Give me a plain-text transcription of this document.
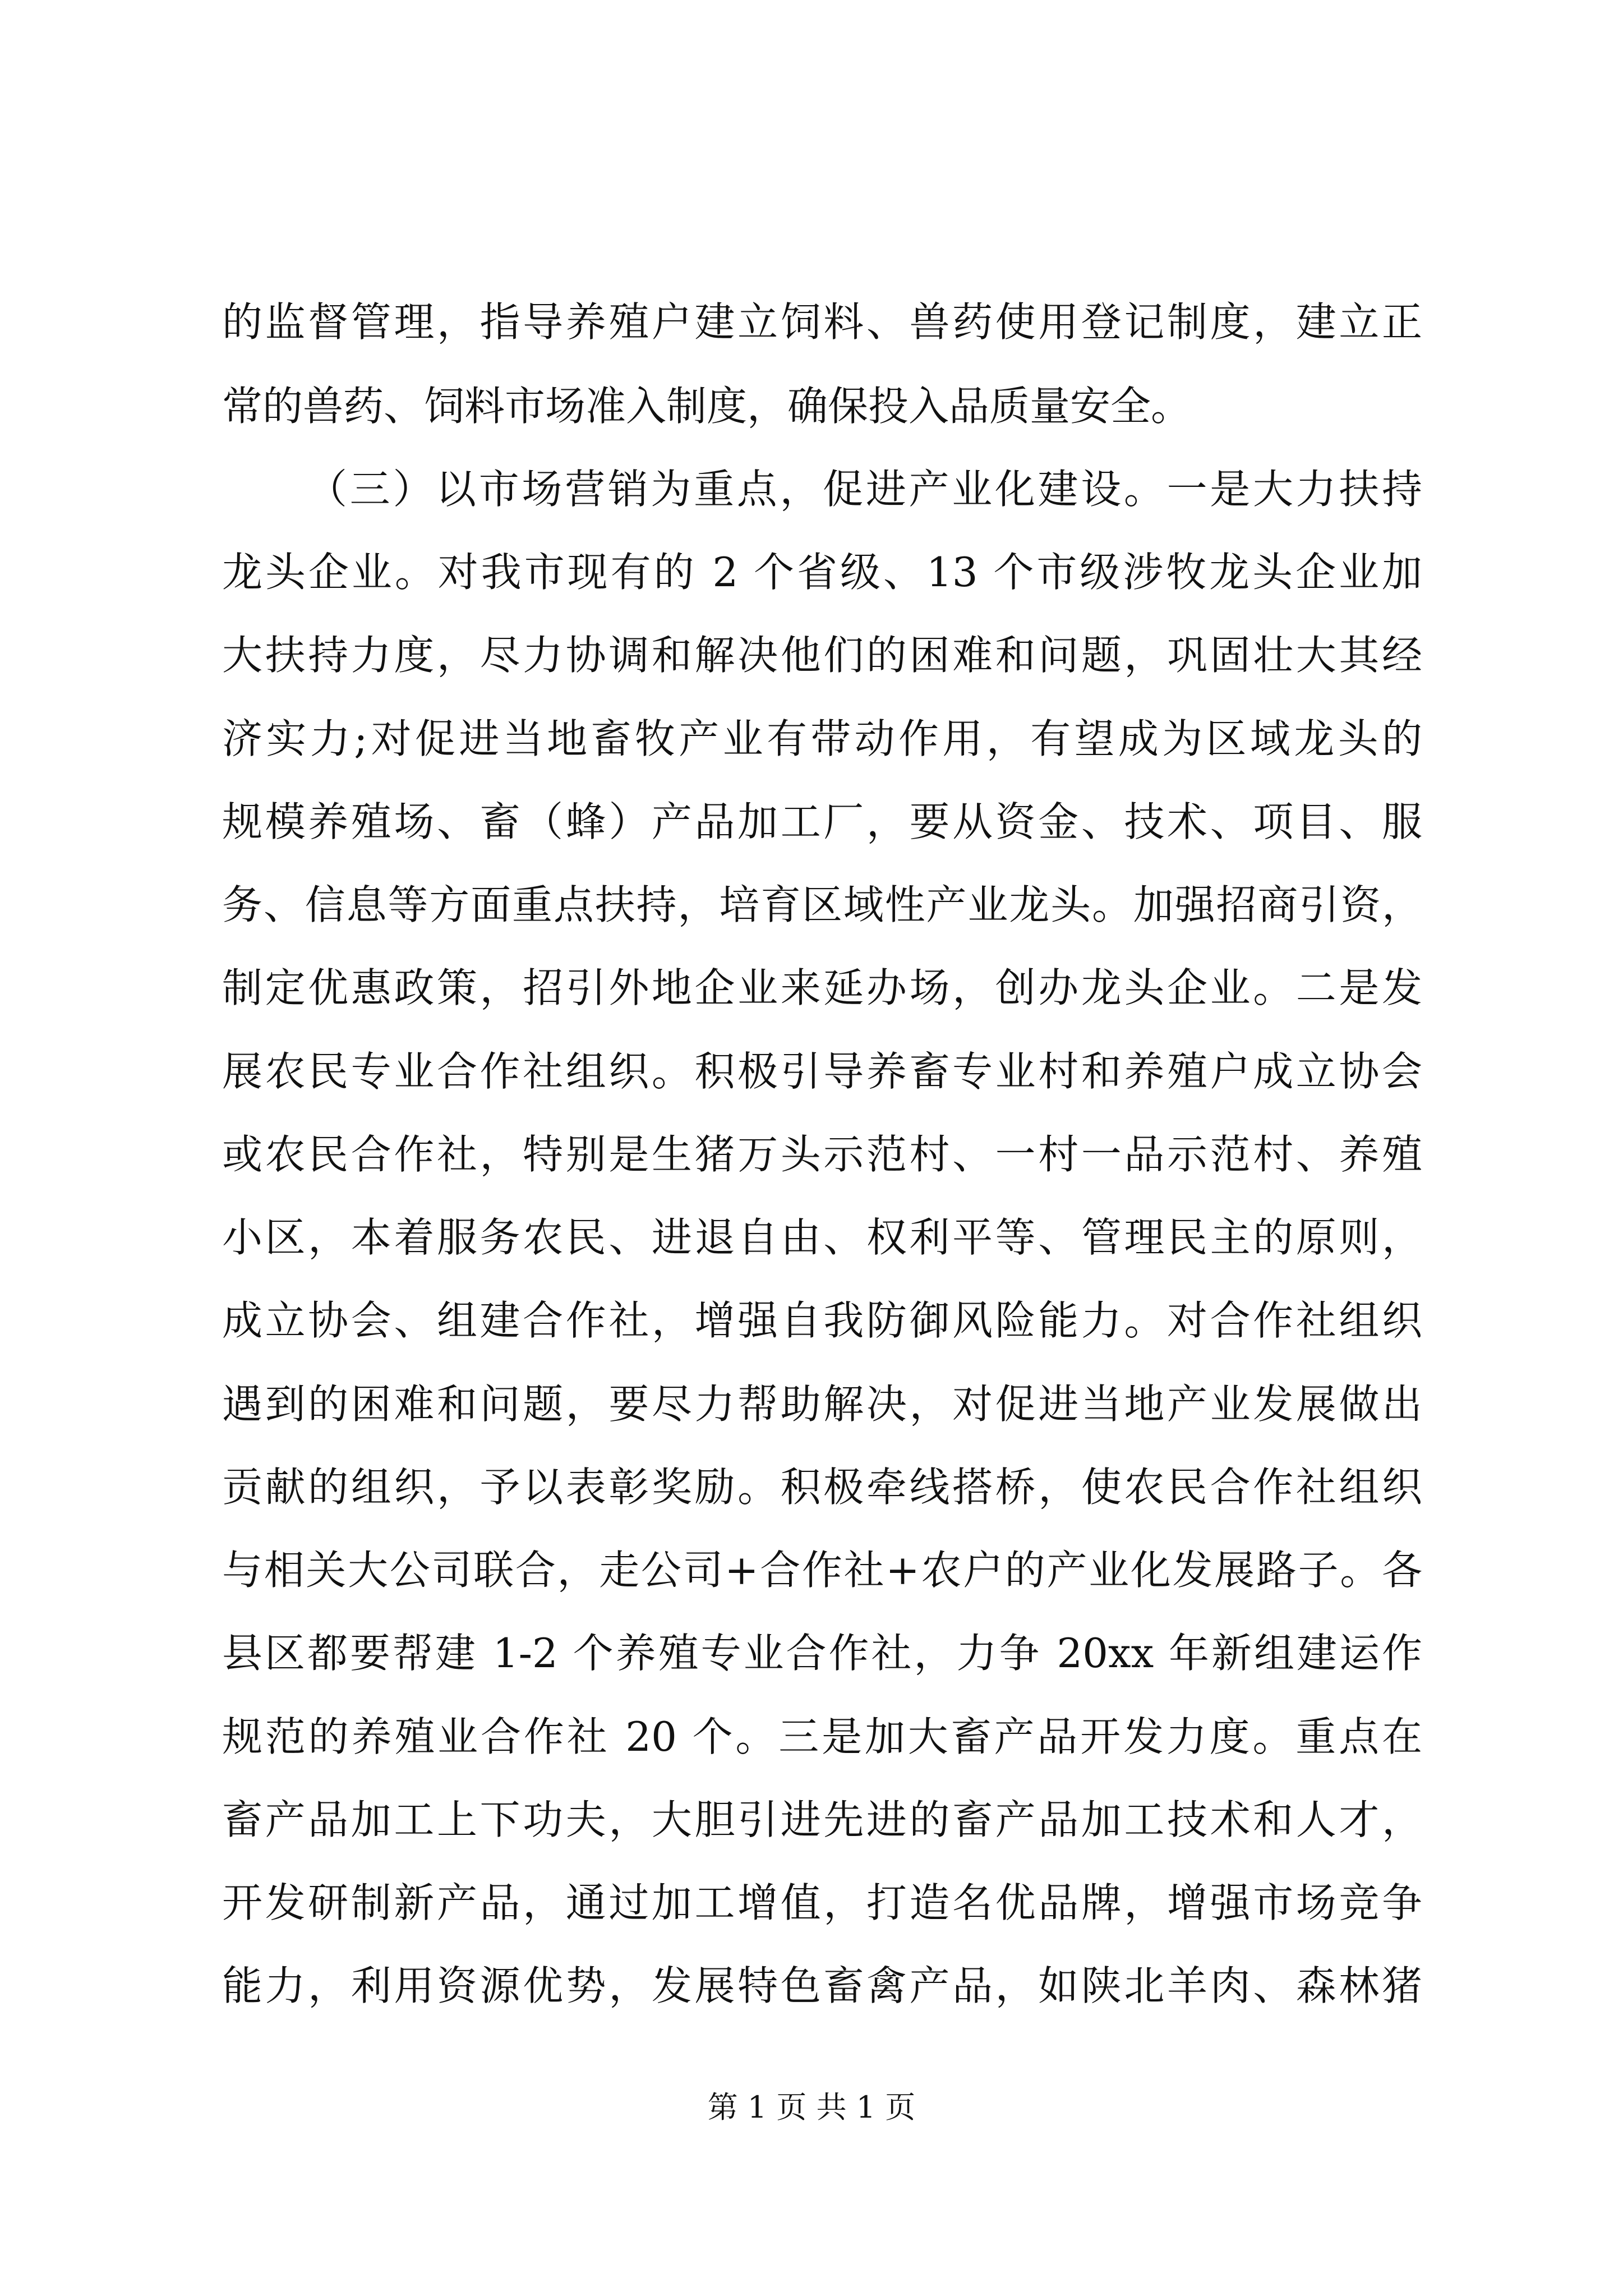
的监督管理，指导养殖户建立饲料、兽药使用登记制度，建立正
常的兽药、饲料市场准入制度，确保投入品质量安全。
（三）以市场营销为重点，促进产业化建设。一是大力扶持
龙头企业。对我市现有的 2 个省级、13 个市级涉牧龙头企业加
大扶持力度，尽力协调和解决他们的困难和问题，巩固壮大其经
济实力;对促进当地畜牧产业有带动作用，有望成为区域龙头的
规模养殖场、畜（蜂）产品加工厂，要从资金、技术、项目、服
务、信息等方面重点扶持，培育区域性产业龙头。加强招商引资，
制定优惠政策，招引外地企业来延办场，创办龙头企业。二是发
展农民专业合作社组织。积极引导养畜专业村和养殖户成立协会
或农民合作社，特别是生猪万头示范村、一村一品示范村、养殖
小区，本着服务农民、进退自由、权利平等、管理民主的原则，
成立协会、组建合作社，增强自我防御风险能力。对合作社组织
遇到的困难和问题，要尽力帮助解决，对促进当地产业发展做出
贡献的组织，予以表彰奖励。积极牵线搭桥，使农民合作社组织
与相关大公司联合，走公司+合作社+农户的产业化发展路子。各
县区都要帮建 1-2 个养殖专业合作社，力争 20xx 年新组建运作
规范的养殖业合作社 20 个。三是加大畜产品开发力度。重点在
畜产品加工上下功夫，大胆引进先进的畜产品加工技术和人才，
开发研制新产品，通过加工增值，打造名优品牌，增强市场竞争
能力，利用资源优势，发展特色畜禽产品，如陕北羊肉、森林猪
第 1 页 共 1 页
